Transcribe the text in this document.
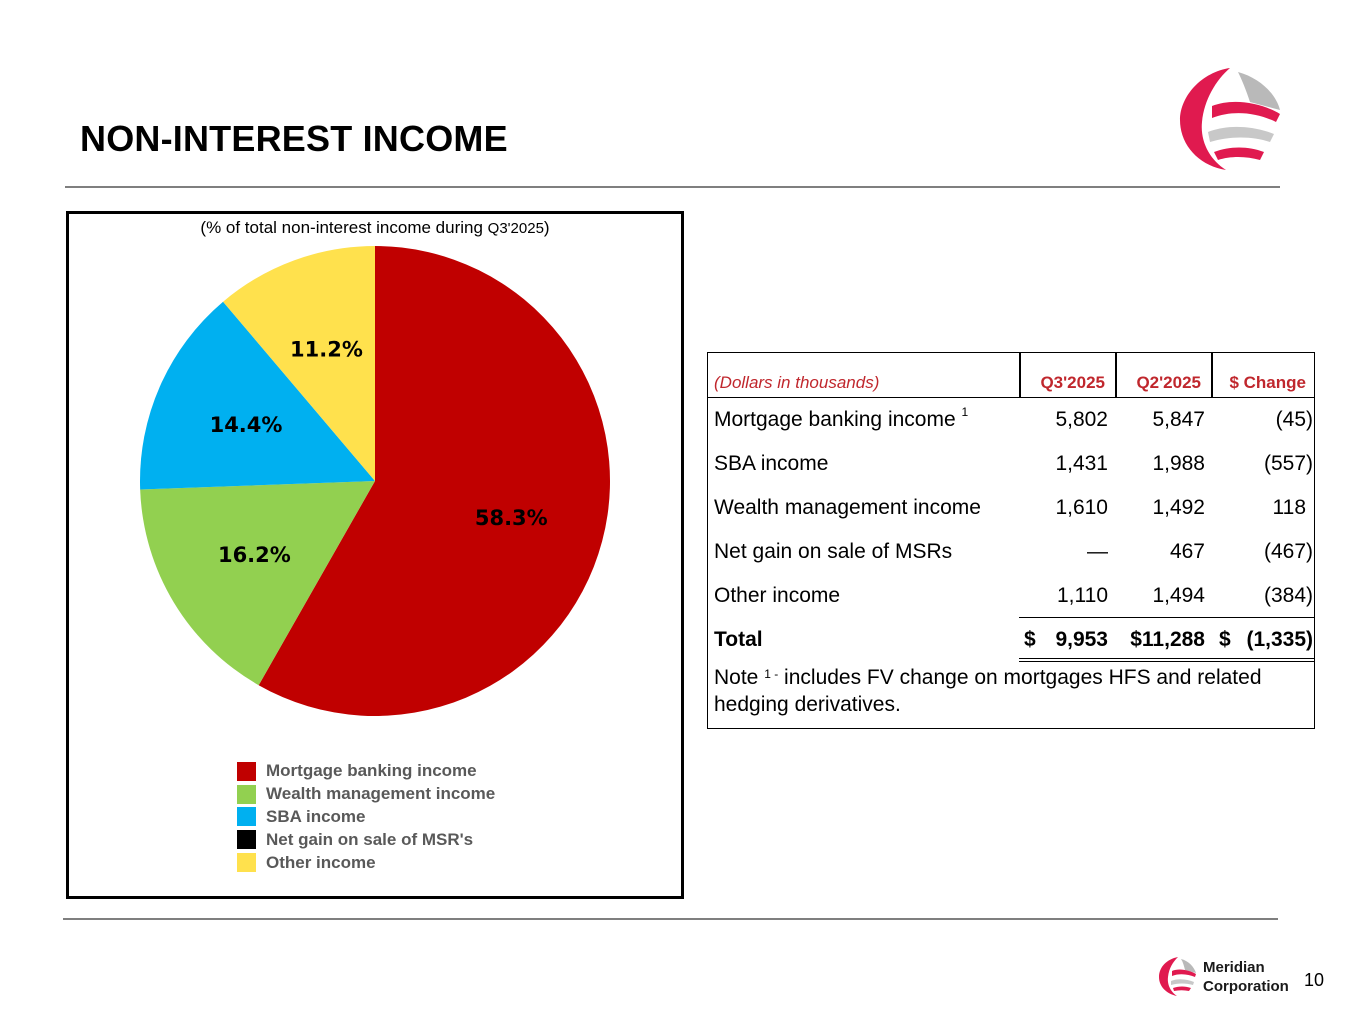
NON-INTEREST INCOME
(% of total non-interest income during Q3'2025)
58.3%
16.2%
14.4%
11.2%
Mortgage banking income
Wealth management income
SBA income
Net gain on sale of MSR's
Other income
(Dollars in thousands)	Q3'2025	Q2'2025	$ Change
Mortgage banking income $^1$	5,802 5,847	(45)
SBA income	1,431 1,988	(557)
Wealth management income	1,610 1,492	118
Net gain on sale of MSRs	—	467	(467)
Other income	1,110 1,494	(384)
Total	$ 9,953 $11,288 $ (1,335)
Note $^{1 -}$ includes FV change on mortgages HFS and related hedging derivatives.
Meridian
Corporation 10
